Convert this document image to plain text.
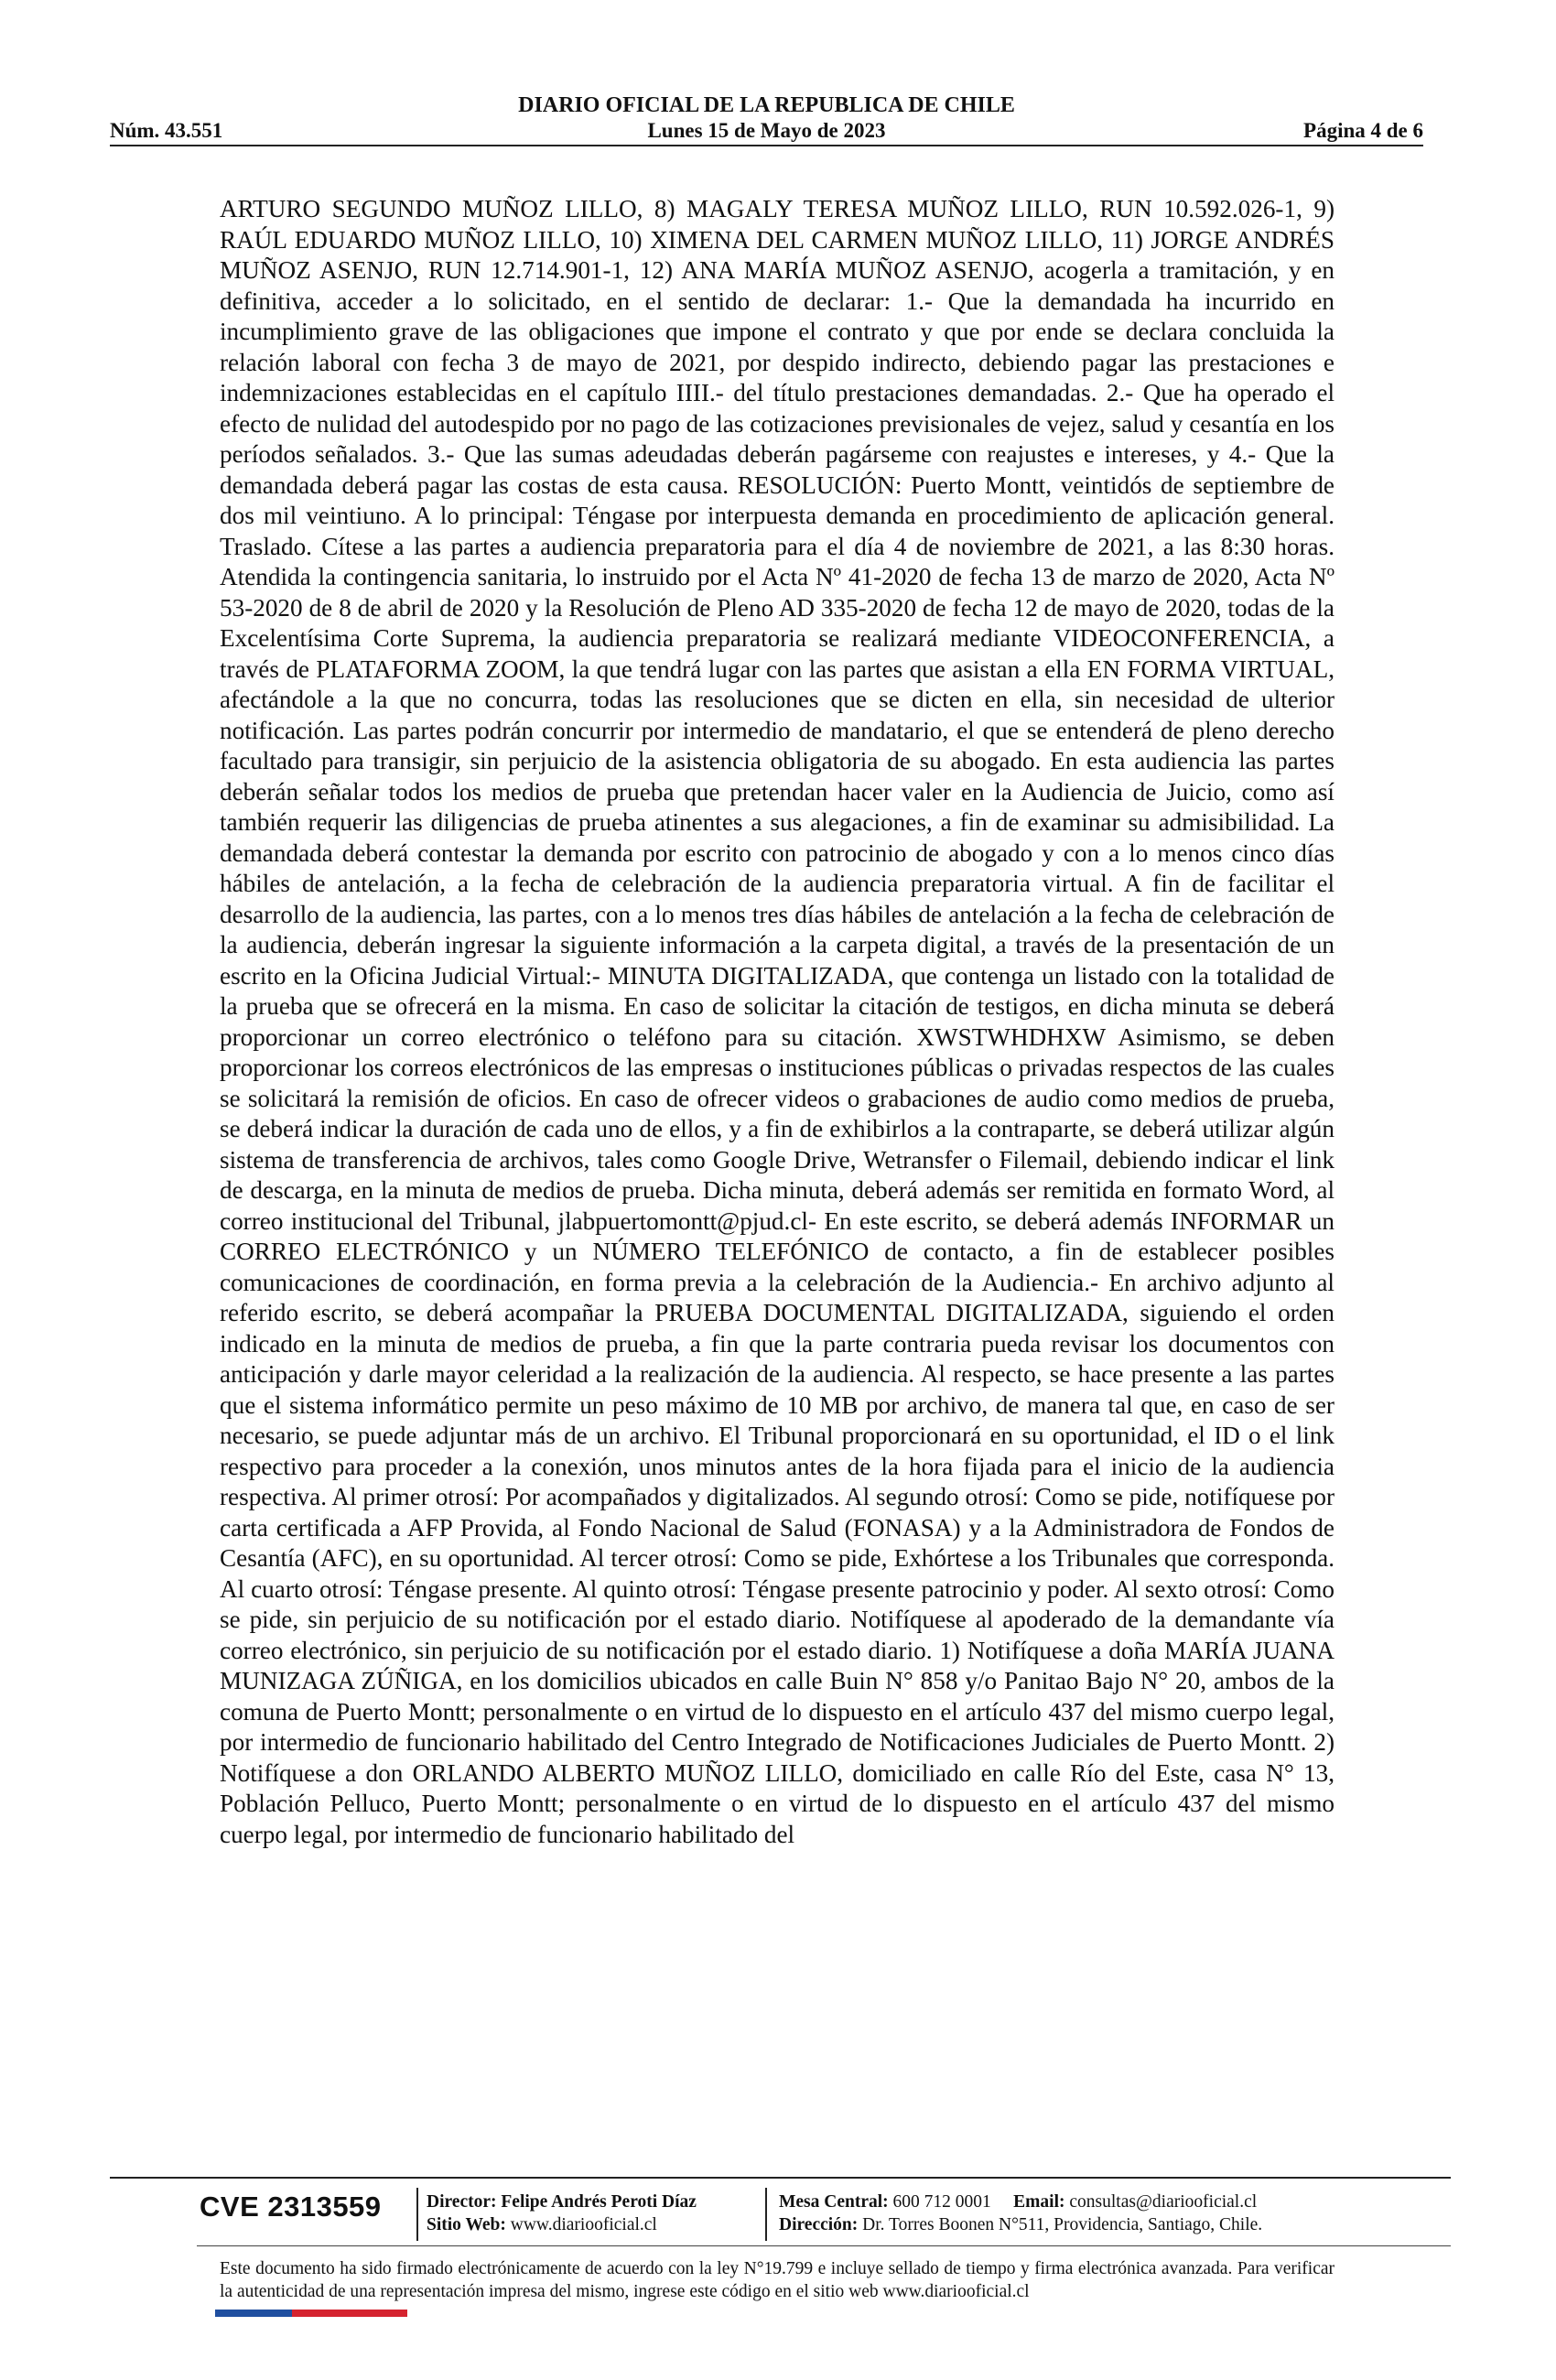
DIARIO OFICIAL DE LA REPUBLICA DE CHILE
Núm. 43.551	Lunes 15 de Mayo de 2023	Página 4 de 6

ARTURO SEGUNDO MUÑOZ LILLO, 8) MAGALY TERESA MUÑOZ LILLO, RUN 10.592.026-1, 9) RAÚL EDUARDO MUÑOZ LILLO, 10) XIMENA DEL CARMEN MUÑOZ LILLO, 11) JORGE ANDRÉS MUÑOZ ASENJO, RUN 12.714.901-1, 12) ANA MARÍA MUÑOZ ASENJO, acogerla a tramitación, y en definitiva, acceder a lo solicitado, en el sentido de declarar: 1.- Que la demandada ha incurrido en incumplimiento grave de las obligaciones que impone el contrato y que por ende se declara concluida la relación laboral con fecha 3 de mayo de 2021, por despido indirecto, debiendo pagar las prestaciones e indemnizaciones establecidas en el capítulo IIII.- del título prestaciones demandadas. 2.- Que ha operado el efecto de nulidad del autodespido por no pago de las cotizaciones previsionales de vejez, salud y cesantía en los períodos señalados. 3.- Que las sumas adeudadas deberán pagárseme con reajustes e intereses, y 4.- Que la demandada deberá pagar las costas de esta causa. RESOLUCIÓN: Puerto Montt, veintidós de septiembre de dos mil veintiuno. A lo principal: Téngase por interpuesta demanda en procedimiento de aplicación general. Traslado. Cítese a las partes a audiencia preparatoria para el día 4 de noviembre de 2021, a las 8:30 horas. Atendida la contingencia sanitaria, lo instruido por el Acta Nº 41-2020 de fecha 13 de marzo de 2020, Acta Nº 53-2020 de 8 de abril de 2020 y la Resolución de Pleno AD 335-2020 de fecha 12 de mayo de 2020, todas de la Excelentísima Corte Suprema, la audiencia preparatoria se realizará mediante VIDEOCONFERENCIA, a través de PLATAFORMA ZOOM, la que tendrá lugar con las partes que asistan a ella EN FORMA VIRTUAL, afectándole a la que no concurra, todas las resoluciones que se dicten en ella, sin necesidad de ulterior notificación. Las partes podrán concurrir por intermedio de mandatario, el que se entenderá de pleno derecho facultado para transigir, sin perjuicio de la asistencia obligatoria de su abogado. En esta audiencia las partes deberán señalar todos los medios de prueba que pretendan hacer valer en la Audiencia de Juicio, como así también requerir las diligencias de prueba atinentes a sus alegaciones, a fin de examinar su admisibilidad. La demandada deberá contestar la demanda por escrito con patrocinio de abogado y con a lo menos cinco días hábiles de antelación, a la fecha de celebración de la audiencia preparatoria virtual. A fin de facilitar el desarrollo de la audiencia, las partes, con a lo menos tres días hábiles de antelación a la fecha de celebración de la audiencia, deberán ingresar la siguiente información a la carpeta digital, a través de la presentación de un escrito en la Oficina Judicial Virtual:- MINUTA DIGITALIZADA, que contenga un listado con la totalidad de la prueba que se ofrecerá en la misma. En caso de solicitar la citación de testigos, en dicha minuta se deberá proporcionar un correo electrónico o teléfono para su citación. XWSTWHDHXW Asimismo, se deben proporcionar los correos electrónicos de las empresas o instituciones públicas o privadas respectos de las cuales se solicitará la remisión de oficios. En caso de ofrecer videos o grabaciones de audio como medios de prueba, se deberá indicar la duración de cada uno de ellos, y a fin de exhibirlos a la contraparte, se deberá utilizar algún sistema de transferencia de archivos, tales como Google Drive, Wetransfer o Filemail, debiendo indicar el link de descarga, en la minuta de medios de prueba. Dicha minuta, deberá además ser remitida en formato Word, al correo institucional del Tribunal, jlabpuertomontt@pjud.cl- En este escrito, se deberá además INFORMAR un CORREO ELECTRÓNICO y un NÚMERO TELEFÓNICO de contacto, a fin de establecer posibles comunicaciones de coordinación, en forma previa a la celebración de la Audiencia.- En archivo adjunto al referido escrito, se deberá acompañar la PRUEBA DOCUMENTAL DIGITALIZADA, siguiendo el orden indicado en la minuta de medios de prueba, a fin que la parte contraria pueda revisar los documentos con anticipación y darle mayor celeridad a la realización de la audiencia. Al respecto, se hace presente a las partes que el sistema informático permite un peso máximo de 10 MB por archivo, de manera tal que, en caso de ser necesario, se puede adjuntar más de un archivo. El Tribunal proporcionará en su oportunidad, el ID o el link respectivo para proceder a la conexión, unos minutos antes de la hora fijada para el inicio de la audiencia respectiva. Al primer otrosí: Por acompañados y digitalizados. Al segundo otrosí: Como se pide, notifíquese por carta certificada a AFP Provida, al Fondo Nacional de Salud (FONASA) y a la Administradora de Fondos de Cesantía (AFC), en su oportunidad. Al tercer otrosí: Como se pide, Exhórtese a los Tribunales que corresponda. Al cuarto otrosí: Téngase presente. Al quinto otrosí: Téngase presente patrocinio y poder. Al sexto otrosí: Como se pide, sin perjuicio de su notificación por el estado diario. Notifíquese al apoderado de la demandante vía correo electrónico, sin perjuicio de su notificación por el estado diario. 1) Notifíquese a doña MARÍA JUANA MUNIZAGA ZÚÑIGA, en los domicilios ubicados en calle Buin N° 858 y/o Panitao Bajo N° 20, ambos de la comuna de Puerto Montt; personalmente o en virtud de lo dispuesto en el artículo 437 del mismo cuerpo legal, por intermedio de funcionario habilitado del Centro Integrado de Notificaciones Judiciales de Puerto Montt. 2) Notifíquese a don ORLANDO ALBERTO MUÑOZ LILLO, domiciliado en calle Río del Este, casa N° 13, Población Pelluco, Puerto Montt; personalmente o en virtud de lo dispuesto en el artículo 437 del mismo cuerpo legal, por intermedio de funcionario habilitado del

CVE 2313559	Director: Felipe Andrés Peroti Díaz
Sitio Web: www.diariooficial.cl
Mesa Central: 600 712 0001 Email: consultas@diariooficial.cl
Dirección: Dr. Torres Boonen N°511, Providencia, Santiago, Chile.
Este documento ha sido firmado electrónicamente de acuerdo con la ley N°19.799 e incluye sellado de tiempo y firma electrónica avanzada. Para verificar la autenticidad de una representación impresa del mismo, ingrese este código en el sitio web www.diariooficial.cl
